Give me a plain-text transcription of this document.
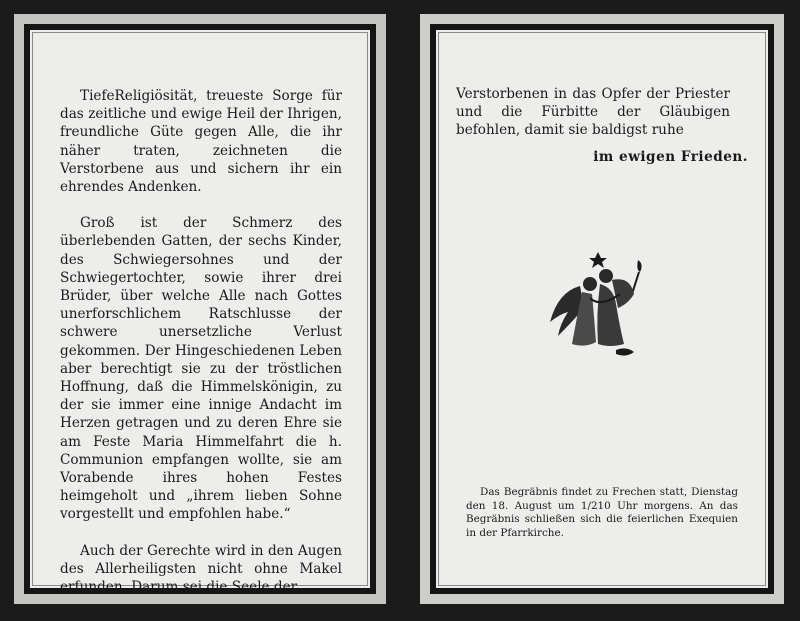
TiefeReligiösität, treueste Sorge für das zeitliche und ewige Heil der Ihrigen, freundliche Güte gegen Alle, die ihr näher traten, zeichneten die Verstorbene aus und sichern ihr ein ehrendes Andenken.

Groß ist der Schmerz des überlebenden Gatten, der sechs Kinder, des Schwiegersohnes und der Schwiegertochter, sowie ihrer drei Brüder, über welche Alle nach Gottes unerforschlichem Ratschlusse der schwere unersetzliche Verlust gekommen. Der Hingeschiedenen Leben aber berechtigt sie zu der tröstlichen Hoffnung, daß die Himmelskönigin, zu der sie immer eine innige Andacht im Herzen getragen und zu deren Ehre sie am Feste Maria Himmelfahrt die h. Communion empfangen wollte, sie am Vorabende ihres hohen Festes heimgeholt und „ihrem lieben Sohne vorgestellt und empfohlen habe.“

Auch der Gerechte wird in den Augen des Allerheiligsten nicht ohne Makel erfunden. Darum sei die Seele der

Verstorbenen in das Opfer der Priester und die Fürbitte der Gläubigen befohlen, damit sie baldigst ruhe

im ewigen Frieden.

Das Begräbnis findet zu Frechen statt, Dienstag den 18. August um 1/210 Uhr morgens. An das Begräbnis schließen sich die feierlichen Exequien in der Pfarrkirche.
